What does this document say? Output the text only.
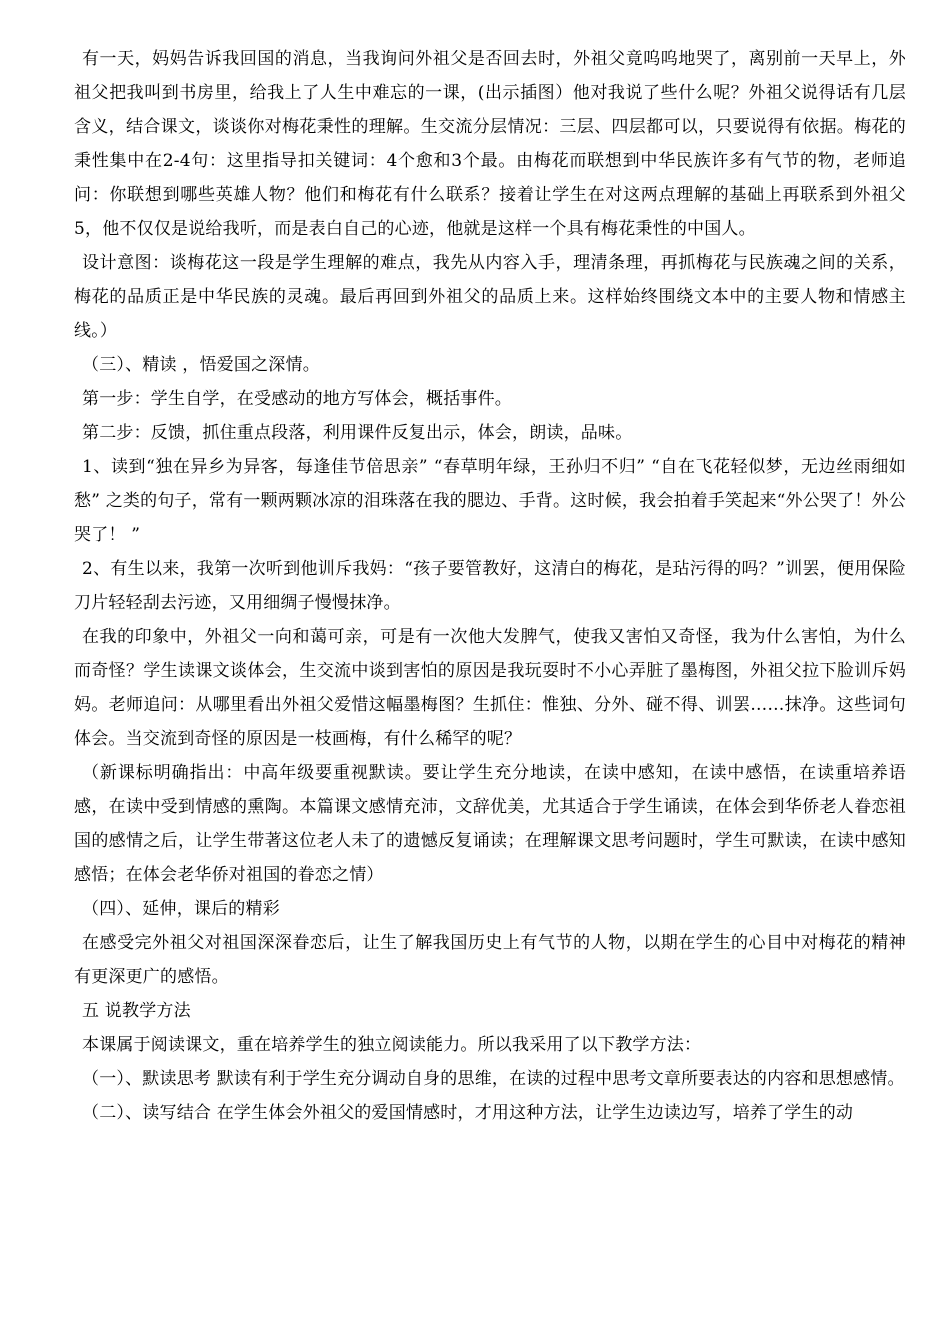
有一天，妈妈告诉我回国的消息，当我询问外祖父是否回去时，外祖父竟呜呜地哭了，离别前一天早上，外祖父把我叫到书房里，给我上了人生中难忘的一课，(出示插图）他对我说了些什么呢？外祖父说得话有几层含义，结合课文，谈谈你对梅花秉性的理解。生交流分层情况：三层、四层都可以，只要说得有依据。梅花的秉性集中在2-4句：这里指导扣关键词：4个愈和3个最。由梅花而联想到中华民族许多有气节的物，老师追问：你联想到哪些英雄人物？他们和梅花有什么联系？接着让学生在对这两点理解的基础上再联系到外祖父5，他不仅仅是说给我听，而是表白自己的心迹，他就是这样一个具有梅花秉性的中国人。

设计意图：谈梅花这一段是学生理解的难点，我先从内容入手，理清条理，再抓梅花与民族魂之间的关系，梅花的品质正是中华民族的灵魂。最后再回到外祖父的品质上来。这样始终围绕文本中的主要人物和情感主线。）

（三）、精读 ，悟爱国之深情。

第一步：学生自学，在受感动的地方写体会，概括事件。

第二步：反馈，抓住重点段落，利用课件反复出示，体会，朗读，品味。

1、读到“独在异乡为异客，每逢佳节倍思亲” “春草明年绿，王孙归不归” “自在飞花轻似梦，无边丝雨细如愁” 之类的句子，常有一颗两颗冰凉的泪珠落在我的腮边、手背。这时候，我会拍着手笑起来“外公哭了！外公哭了！ ”

2、有生以来，我第一次听到他训斥我妈：“孩子要管教好，这清白的梅花，是玷污得的吗？”训罢，便用保险刀片轻轻刮去污迹，又用细绸子慢慢抹净。

在我的印象中，外祖父一向和蔼可亲，可是有一次他大发脾气，使我又害怕又奇怪，我为什么害怕，为什么而奇怪？学生读课文谈体会，生交流中谈到害怕的原因是我玩耍时不小心弄脏了墨梅图，外祖父拉下脸训斥妈妈。老师追问：从哪里看出外祖父爱惜这幅墨梅图？生抓住：惟独、分外、碰不得、训罢……抹净。这些词句体会。当交流到奇怪的原因是一枝画梅，有什么稀罕的呢？

（新课标明确指出：中高年级要重视默读。要让学生充分地读，在读中感知，在读中感悟，在读重培养语感，在读中受到情感的熏陶。本篇课文感情充沛，文辞优美，尤其适合于学生诵读，在体会到华侨老人眷恋祖国的感情之后，让学生带著这位老人未了的遗憾反复诵读；在理解课文思考问题时，学生可默读，在读中感知感悟；在体会老华侨对祖国的眷恋之情）

（四）、延伸，课后的精彩

在感受完外祖父对祖国深深眷恋后，让生了解我国历史上有气节的人物，以期在学生的心目中对梅花的精神有更深更广的感悟。

五 说教学方法

本课属于阅读课文，重在培养学生的独立阅读能力。所以我采用了以下教学方法：

（一）、默读思考 默读有利于学生充分调动自身的思维，在读的过程中思考文章所要表达的内容和思想感情。

（二）、读写结合 在学生体会外祖父的爱国情感时，才用这种方法，让学生边读边写，培养了学生的动
